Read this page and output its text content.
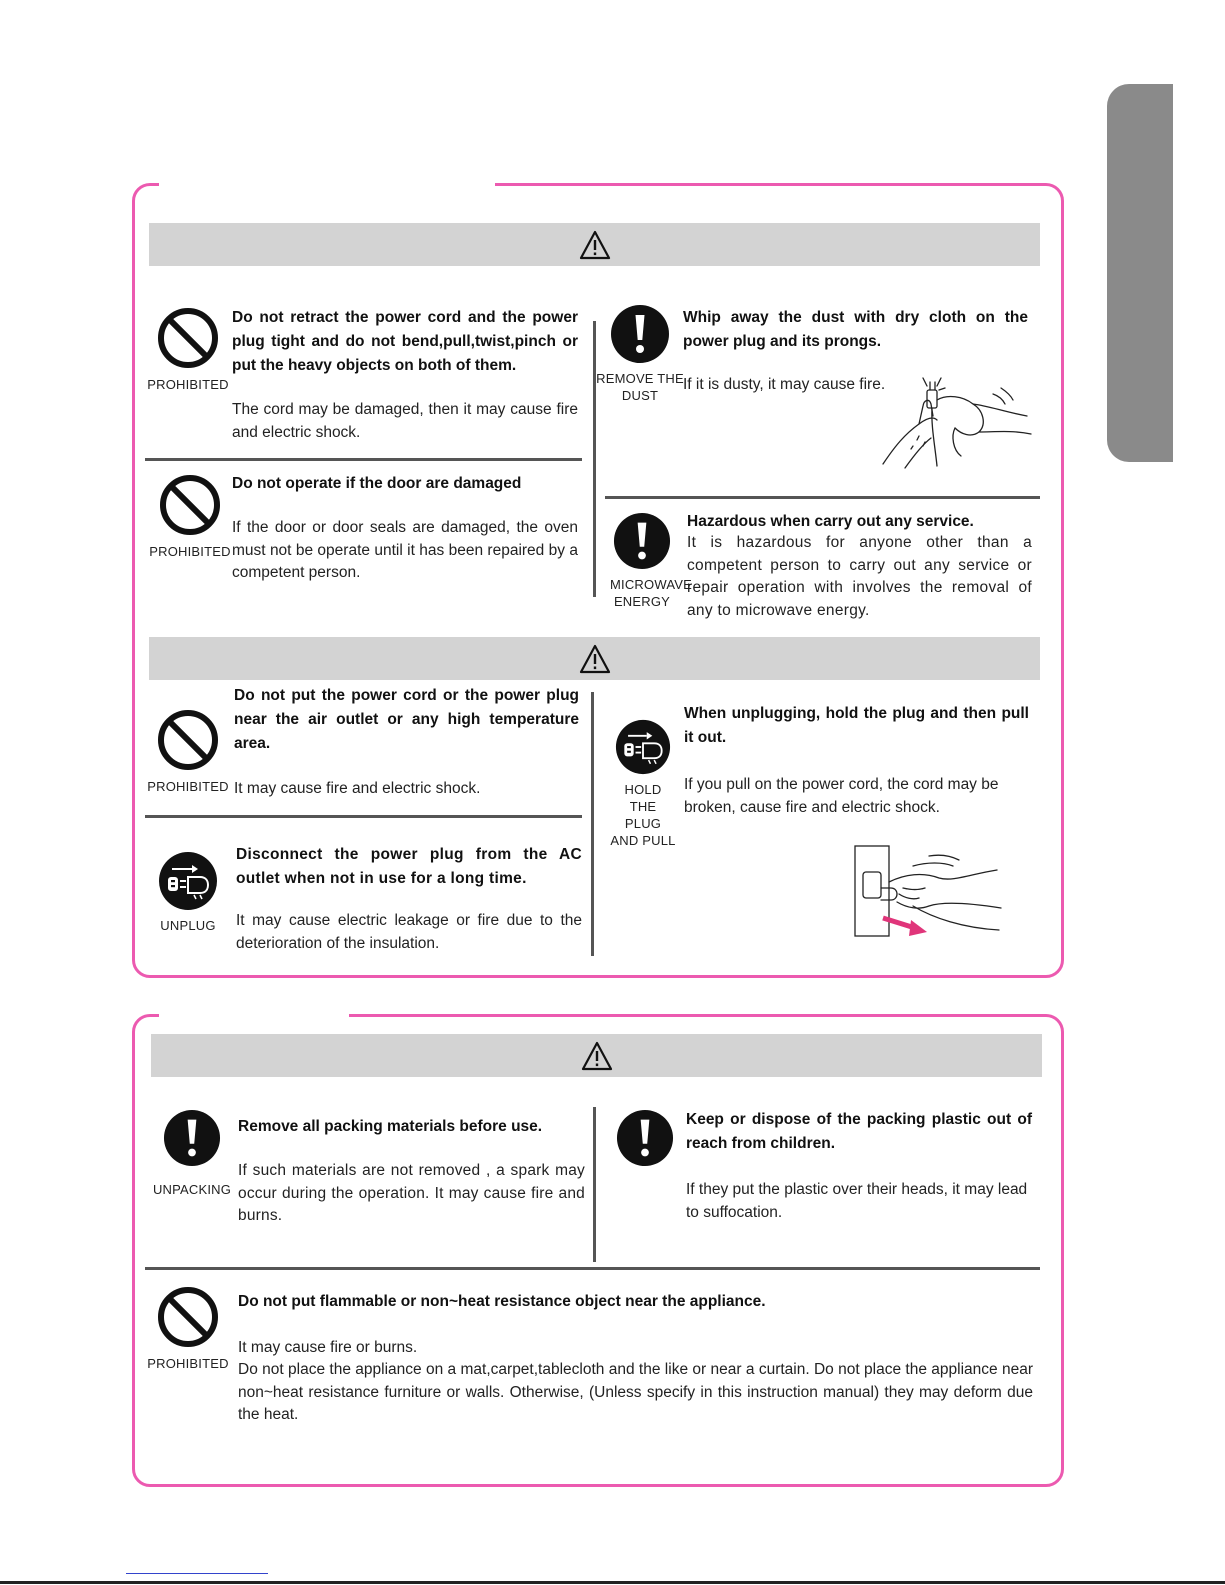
PROHIBITED
Do not retract the power cord and the power plug tight and do not bend,pull,twist,pinch or put the heavy objects on both of them.
The cord may be damaged, then it may cause fire and electric shock.
PROHIBITED
Do not operate if the door are damaged
If the door or door seals are damaged, the oven must not be operate until it has been repaired by a competent person.
REMOVE THE DUST
Whip away the dust with dry cloth on the power plug and its prongs.
If it is dusty, it may cause fire.
MICROWAVE ENERGY
Hazardous when carry out any service.
It is hazardous for anyone other than a competent person to carry out any service or repair operation with involves the removal of any to microwave energy.
PROHIBITED
Do not put the power cord or the power plug near the air outlet or any high temperature area.
It may cause fire and electric shock.
UNPLUG
Disconnect the power plug from the AC outlet when not in use for a long time.
It may cause electric leakage or fire due to the deterioration of the insulation.
HOLD THE PLUG AND PULL
When unplugging, hold the plug and then pull it out.
If you pull on the power cord, the cord may be broken, cause fire and electric shock.
UNPACKING
Remove all packing materials before use.
If such materials are not removed , a spark may occur during the operation. It may cause fire and burns.
Keep or dispose of the packing plastic out of reach from children.
If they put the plastic over their heads, it may lead to suffocation.
PROHIBITED
Do not put flammable or non~heat resistance object near the appliance.
It may cause fire or burns.
Do not place the appliance on a mat,carpet,tablecloth and the like or near a curtain. Do not place the appliance near non~heat resistance furniture or walls. Otherwise, (Unless specify in this instruction manual) they may deform due the heat.
